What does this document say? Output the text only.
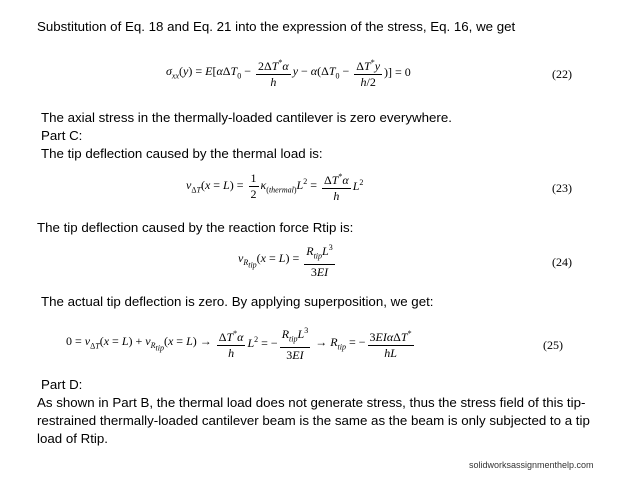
Substitution of Eq. 18 and Eq. 21 into the expression of the stress, Eq. 16, we get
$\sigma_{xx}(y) = E[\alpha\Delta T_0 - \frac{2\Delta T^*\alpha}{h}$ $y - \alpha(\Delta T_0 - \frac{\Delta T^*y}{h/2}$ )] = 0	(22)
The axial stress in the thermally-loaded cantilever is zero everywhere.
Part C:
The tip deflection caused by the thermal load is:
$v_{\Delta T}(x = L) = \frac{1}{2} \kappa_{(thermal)}L^2 = \frac{\Delta T^*\alpha}{h} L^2$	(23)
The tip deflection caused by the reaction force Rtip is:
$v_{R_{tip}}(x = L) = \frac{R_{tip}L^3}{3EI}$	(24)
The actual tip deflection is zero. By applying superposition, we get:
$0 = v_{\Delta T}(x = L) + v_{R_{tip}}(x = L) \to \frac{\Delta T^*\alpha}{h} L^2$ = − $\frac{R_{tip}L^3}{3EI} \to R_{tip}$ = − $\frac{3EI\alpha\Delta T^*}{hL}$	(25)
Part D:
As shown in Part B, the thermal load does not generate stress, thus the stress field of this tip- restrained thermally-loaded cantilever beam is the same as the beam is only subjected to a tip load of Rtip.
solidworksassignmenthelp.com
